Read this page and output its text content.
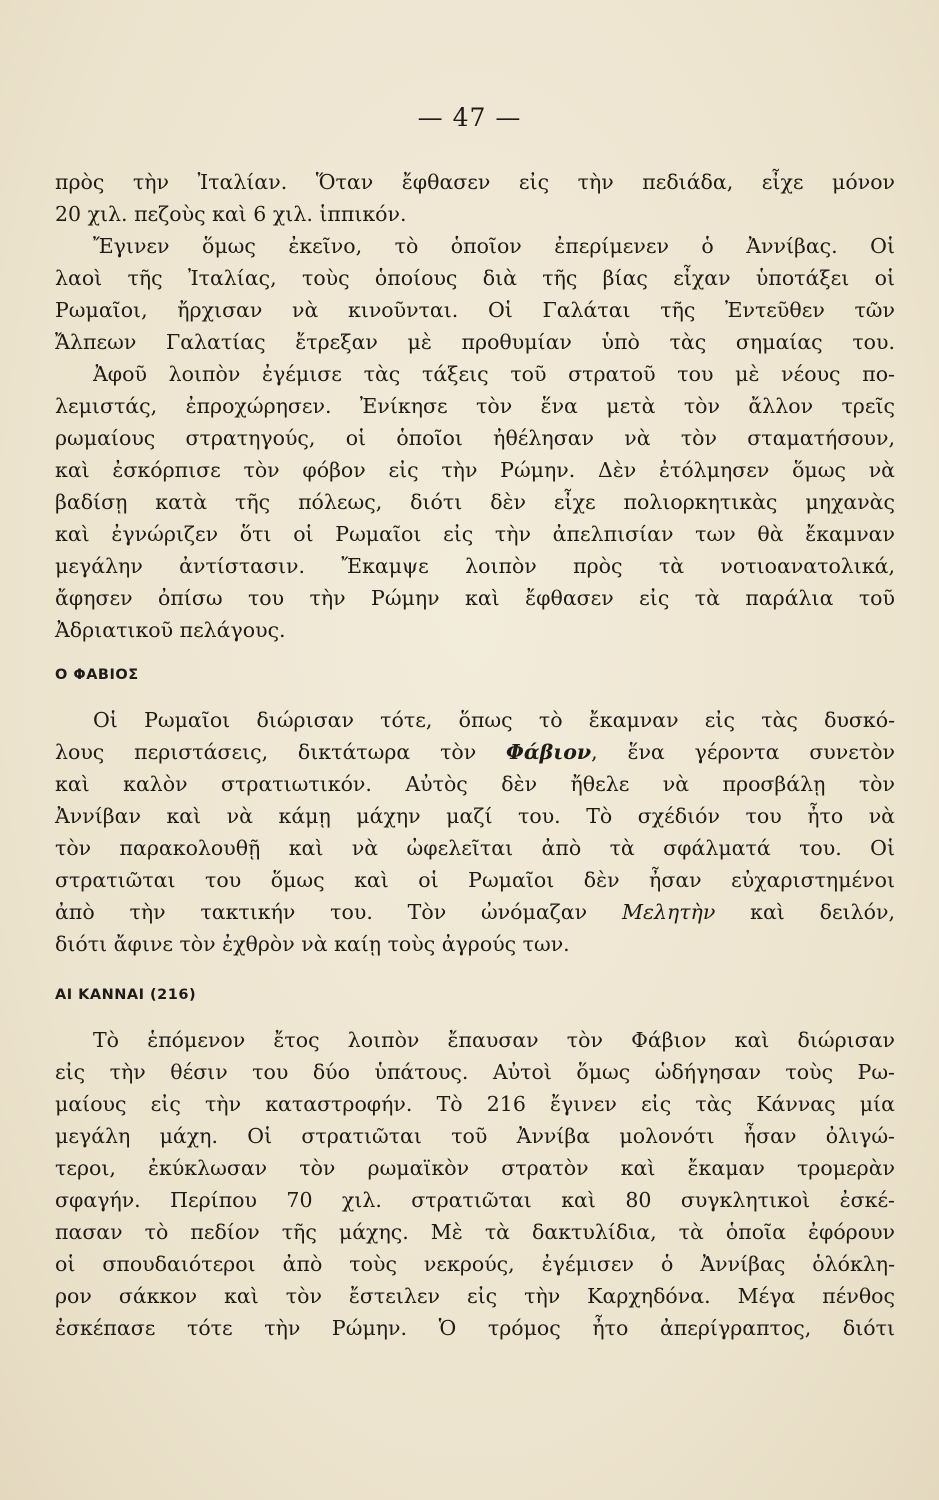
— 47 —
πρὸς τὴν Ἰταλίαν. Ὅταν ἔφθασεν εἰς τὴν πεδιάδα, εἶχε μόνον
20 χιλ. πεζοὺς καὶ 6 χιλ. ἱππικόν.
Ἔγινεν ὅμως ἐκεῖνο, τὸ ὁποῖον ἐπερίμενεν ὁ Ἀννίβας. Οἱ
λαοὶ τῆς Ἰταλίας, τοὺς ὁποίους διὰ τῆς βίας εἶχαν ὑποτάξει οἱ
Ρωμαῖοι, ἤρχισαν νὰ κινοῦνται. Οἱ Γαλάται τῆς Ἐντεῦθεν τῶν
Ἄλπεων Γαλατίας ἔτρεξαν μὲ προθυμίαν ὑπὸ τὰς σημαίας του.
Ἀφοῦ λοιπὸν ἐγέμισε τὰς τάξεις τοῦ στρατοῦ του μὲ νέους πο-
λεμιστάς, ἐπροχώρησεν. Ἐνίκησε τὸν ἕνα μετὰ τὸν ἄλλον τρεῖς
ρωμαίους στρατηγούς, οἱ ὁποῖοι ἠθέλησαν νὰ τὸν σταματήσουν,
καὶ ἐσκόρπισε τὸν φόβον εἰς τὴν Ρώμην. Δὲν ἐτόλμησεν ὅμως νὰ
βαδίσῃ κατὰ τῆς πόλεως, διότι δὲν εἶχε πολιορκητικὰς μηχανὰς
καὶ ἐγνώριζεν ὅτι οἱ Ρωμαῖοι εἰς τὴν ἀπελπισίαν των θὰ ἔκαμναν
μεγάλην ἀντίστασιν. Ἔκαμψε λοιπὸν πρὸς τὰ νοτιοανατολικά,
ἄφησεν ὀπίσω του τὴν Ρώμην καὶ ἔφθασεν εἰς τὰ παράλια τοῦ
Ἀδριατικοῦ πελάγους.
Ο ΦΑΒΙΟΣ
Οἱ Ρωμαῖοι διώρισαν τότε, ὅπως τὸ ἔκαμναν εἰς τὰς δυσκό-
λους περιστάσεις, δικτάτωρα τὸν Φάβιον, ἕνα γέροντα συνετὸν
καὶ καλὸν στρατιωτικόν. Αὐτὸς δὲν ἤθελε νὰ προσβάλῃ τὸν
Ἀννίβαν καὶ νὰ κάμῃ μάχην μαζί του. Τὸ σχέδιόν του ἦτο νὰ
τὸν παρακολουθῇ καὶ νὰ ὠφελεῖται ἀπὸ τὰ σφάλματά του. Οἱ
στρατιῶται του ὅμως καὶ οἱ Ρωμαῖοι δὲν ἦσαν εὐχαριστημένοι
ἀπὸ τὴν τακτικήν του. Τὸν ὠνόμαζαν Μελητὴν καὶ δειλόν,
διότι ἄφινε τὸν ἐχθρὸν νὰ καίῃ τοὺς ἀγρούς των.
ΑΙ ΚΑΝΝΑΙ (216)
Τὸ ἑπόμενον ἔτος λοιπὸν ἔπαυσαν τὸν Φάβιον καὶ διώρισαν
εἰς τὴν θέσιν του δύο ὑπάτους. Αὐτοὶ ὅμως ὡδήγησαν τοὺς Ρω-
μαίους εἰς τὴν καταστροφήν. Τὸ 216 ἔγινεν εἰς τὰς Κάννας μία
μεγάλη μάχη. Οἱ στρατιῶται τοῦ Ἀννίβα μολονότι ἦσαν ὀλιγώ-
τεροι, ἐκύκλωσαν τὸν ρωμαϊκὸν στρατὸν καὶ ἔκαμαν τρομερὰν
σφαγήν. Περίπου 70 χιλ. στρατιῶται καὶ 80 συγκλητικοὶ ἐσκέ-
πασαν τὸ πεδίον τῆς μάχης. Μὲ τὰ δακτυλίδια, τὰ ὁποῖα ἐφόρουν
οἱ σπουδαιότεροι ἀπὸ τοὺς νεκρούς, ἐγέμισεν ὁ Ἀννίβας ὁλόκλη-
ρον σάκκον καὶ τὸν ἔστειλεν εἰς τὴν Καρχηδόνα. Μέγα πένθος
ἐσκέπασε τότε τὴν Ρώμην. Ὁ τρόμος ἦτο ἀπερίγραπτος, διότι
